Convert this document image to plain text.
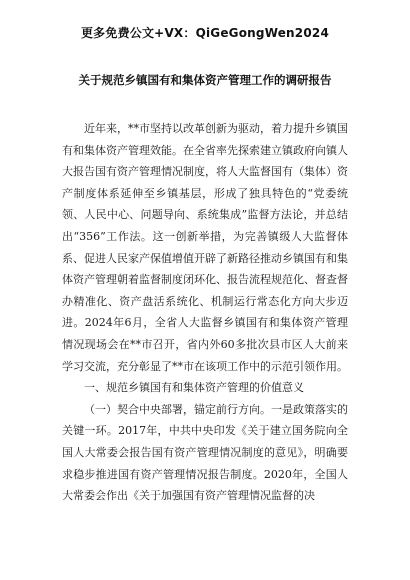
更多免费公文+VX：QiGeGongWen2024
关于规范乡镇国有和集体资产管理工作的调研报告

近年来，**市坚持以改革创新为驱动，着力提升乡镇国有和集体资产管理效能。在全省率先探索建立镇政府向镇人大报告国有资产管理情况制度，将人大监督国有（集体）资产制度体系延伸至乡镇基层，形成了独具特色的“党委统领、人民中心、问题导向、系统集成”监督方法论，并总结出“356”工作法。这一创新举措，为完善镇级人大监督体系、促进人民家产保值增值开辟了新路径推动乡镇国有和集体资产管理朝着监督制度闭环化、报告流程规范化、督查督办精准化、资产盘活系统化、机制运行常态化方向大步迈进。2024年6月，全省人大监督乡镇国有和集体资产管理情况现场会在**市召开，省内外60多批次县市区人大前来学习交流，充分彰显了**市在该项工作中的示范引领作用。

一、规范乡镇国有和集体资产管理的价值意义

（一）契合中央部署，锚定前行方向。一是政策落实的关键一环。2017年，中共中央印发《关于建立国务院向全国人大常委会报告国有资产管理情况制度的意见》，明确要求稳步推进国有资产管理情况报告制度。2020年，全国人大常委会作出《关于加强国有资产管理情况监督的决
